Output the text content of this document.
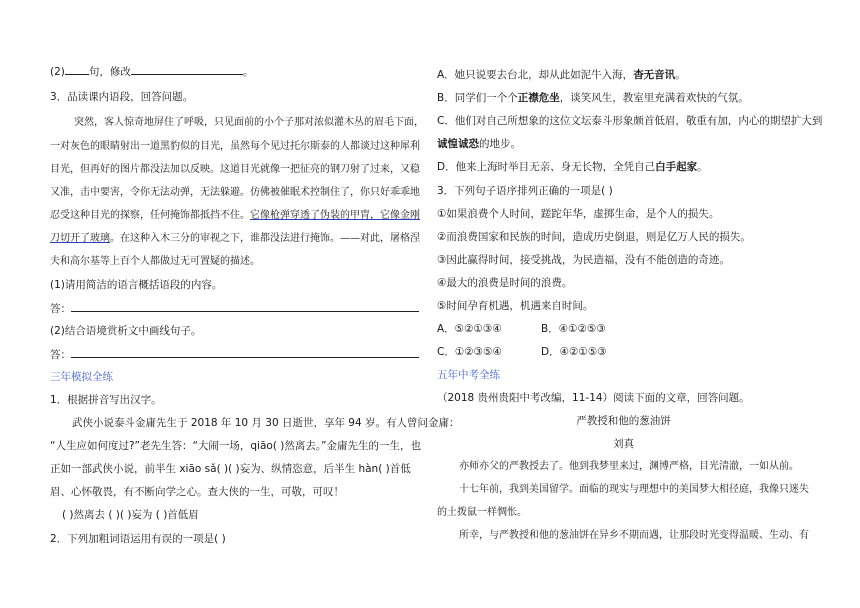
(2) 句，修改	。
3．品读课内语段，回答问题。
突然，客人惊奇地屏住了呼吸，只见面前的小个子那对浓似灌木丛的眉毛下面，
一对灰色的眼睛射出一道黑豹似的目光，虽然每个见过托尔斯泰的人都谈过这种犀利
目光，但再好的图片都没法加以反映。这道目光就像一把征亮的钢刀射了过来，又稳
又准，击中要害，令你无法动弹，无法躲避。仿佛被催眠术控制住了，你只好乖乖地
忍受这种目光的探察，任何掩饰都抵挡不住。它像枪弹穿透了伪装的甲胄，它像金刚
刀切开了玻璃。在这种入木三分的审视之下，谁都没法进行掩饰。——对此，屠格涅
夫和高尔基等上百个人都做过无可置疑的描述。
(1)请用简洁的语言概括语段的内容。
答：
(2)结合语境赏析文中画线句子。
答：
三年模拟全练
1．根据拼音写出汉字。
武侠小说泰斗金庸先生于 2018 年 10 月 30 日逝世，享年 94 岁。有人曾问金庸：
“人生应如何度过?”老先生答：“大闹一场，qiāo( )然离去。”金庸先生的一生，也
正如一部武侠小说，前半生 xiāo sǎ( )( )妄为、纵情恣意，后半生 hàn( )首低
眉、心怀敬畏，有不断向学之心。查大侠的一生，可敬，可叹！
( )然离去 ( )( )妄为 ( )首低眉
2．下列加粗词语运用有误的一项是( )
A．她只说要去台北，却从此如泥牛入海，杳无音讯。
B．同学们一个个正襟危坐，谈笑风生，教室里充满着欢快的气氛。
C．他们对自己所想象的这位文坛泰斗形象颇首低眉，敬重有加，内心的期望扩大到
诚惶诚恐的地步。
D．他来上海时举目无亲、身无长物，全凭自己白手起家。
3．下列句子语序排列正确的一项是( )
①如果浪费个人时间，蹉跎年华，虚掷生命，是个人的损失。
②而浪费国家和民族的时间，造成历史倒退，则是亿万人民的损失。
③因此赢得时间，接受挑战，为民造福，没有不能创造的奇迹。
④最大的浪费是时间的浪费。
⑤时间孕育机遇，机遇来自时间。
A．⑤②①③④	B．④①②⑤③
C．①②③⑤④	D．④②①⑤③
五年中考全练
（2018 贵州贵阳中考改编，11-14）阅读下面的文章，回答问题。
严教授和他的葱油饼
刘真
亦师亦父的严教授去了。他到我梦里来过，渊博严格，目光清澈，一如从前。
十七年前，我到美国留学。面临的现实与理想中的美国梦大相径庭，我像只迷失
的土拨鼠一样惆怅。
所幸，与严教授和他的葱油饼在异乡不期而遇，让那段时光变得温暖、生动、有
